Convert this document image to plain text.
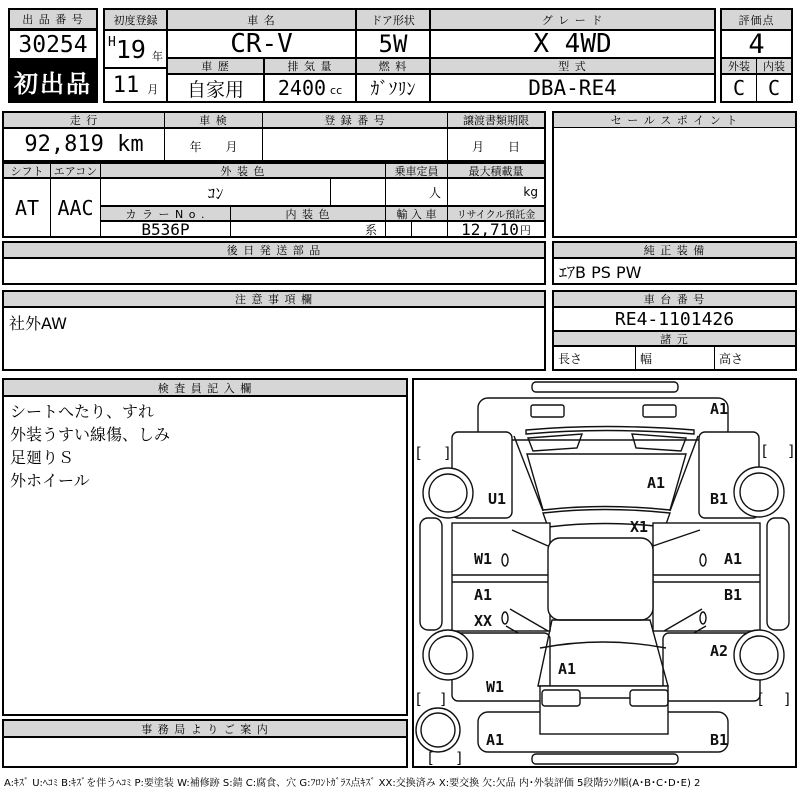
出 品 番 号
30254
初出品
初度登録
H 19 年
11 月
車 名
CR-V
車 歴
自家用
排 気 量
2400 cc
ドア形状
5W
燃 料
ｶﾞｿﾘﾝ
グ レ ー ド
X 4WD
型 式
DBA-RE4
評価点
4
外装	内装
C	C
走 行
92,819 km
車 検
年　　月
登 録 番 号	譲渡書類期限
月　　日
シフト エアコン
AT AAC
外 装 色
ｺﾝ
カ ラ ー N o .
B536P
内 装 色
系
乗車定員
人
輸 入 車
最大積載量
kg
リサイクル預託金
12,710 円
セ ー ル ス ポ イ ン ト
後 日 発 送 部 品	純 正 装 備
ｴｱB PS PW
注 意 事 項 欄
社外AW
車 台 番 号
RE4-1101426
諸 元
長さ	幅	高さ
検 査 員 記 入 欄
シートへたり、すれ
外装うすい線傷、しみ
足廻りＳ
外ホイール
事 務 局 よ り ご 案 内
[ ]	[ ]
[ ]	[ ]
[ ]
A1
U1
A1
B1
X1
W1	A1
A1	B1
XX
W1
A2
A1
A1	B1
A:ｷｽﾞ U:ﾍｺﾐ B:ｷｽﾞを伴うﾍｺﾐ P:要塗装 W:補修跡 S:錆 C:腐食、穴 G:ﾌﾛﾝﾄｶﾞﾗｽ点ｷｽﾞ XX:交換済み X:要交換 欠:欠品 内･外装評価 5段階ﾗﾝｸ順(A･B･C･D･E) 2
